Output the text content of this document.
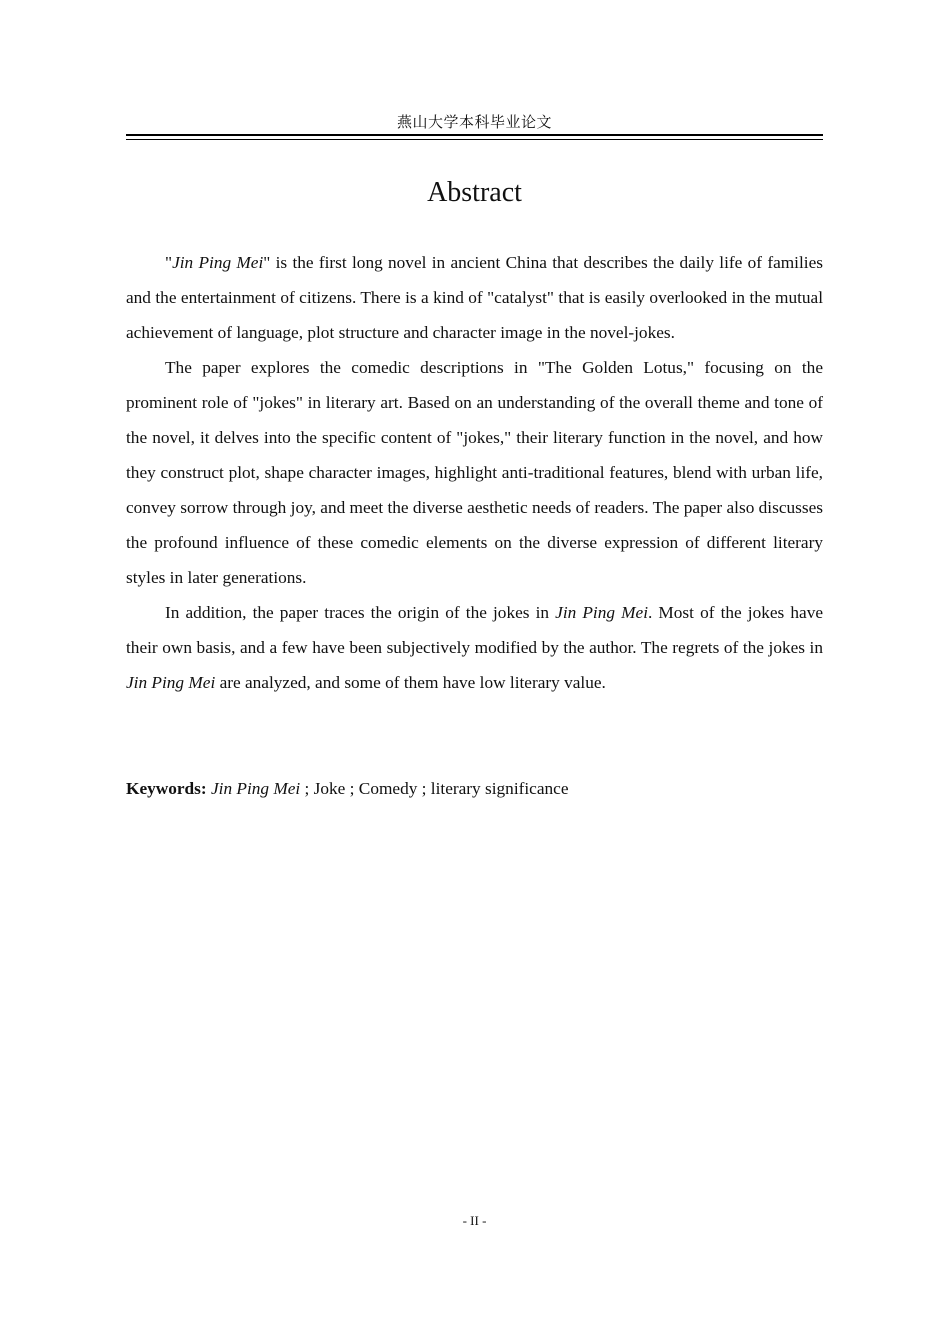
燕山大学本科毕业论文
Abstract

"Jin Ping Mei" is the first long novel in ancient China that describes the daily life of families and the entertainment of citizens. There is a kind of "catalyst" that is easily overlooked in the mutual achievement of language, plot structure and character image in the novel-jokes.

The paper explores the comedic descriptions in "The Golden Lotus," focusing on the prominent role of "jokes" in literary art. Based on an understanding of the overall theme and tone of the novel, it delves into the specific content of "jokes," their literary function in the novel, and how they construct plot, shape character images, highlight anti-traditional features, blend with urban life, convey sorrow through joy, and meet the diverse aesthetic needs of readers. The paper also discusses the profound influence of these comedic elements on the diverse expression of different literary styles in later generations.

In addition, the paper traces the origin of the jokes in Jin Ping Mei. Most of the jokes have their own basis, and a few have been subjectively modified by the author. The regrets of the jokes in Jin Ping Mei are analyzed, and some of them have low literary value.

Keywords: Jin Ping Mei ; Joke ; Comedy ; literary significance
- II -
